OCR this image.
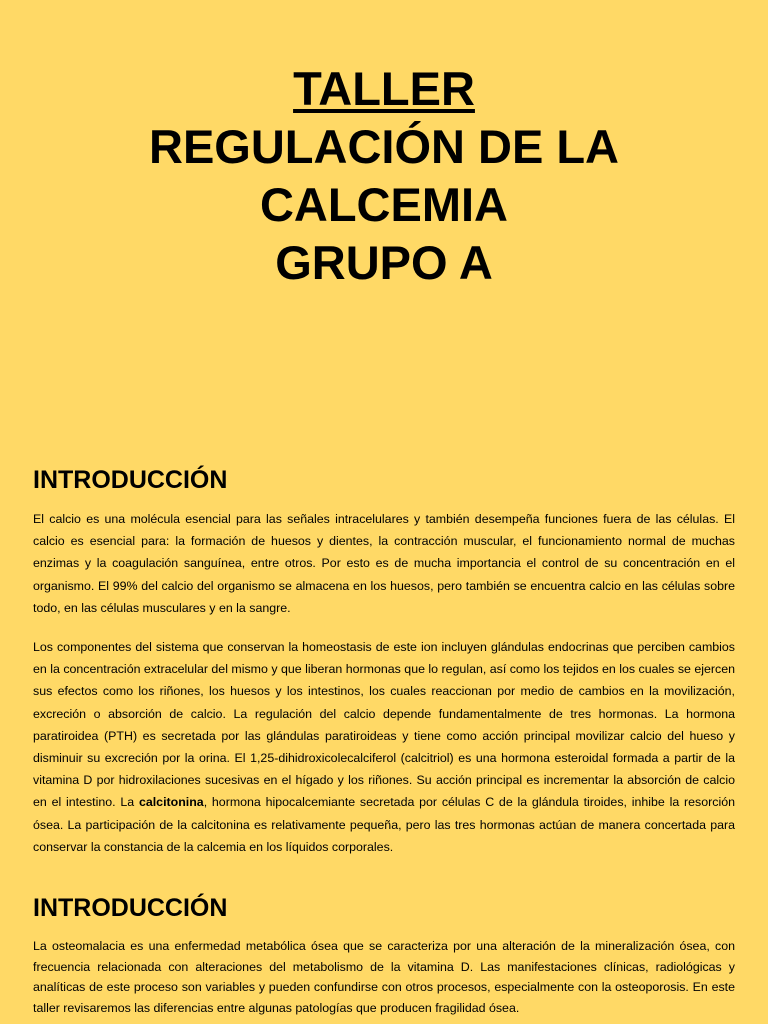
TALLER
REGULACIÓN DE LA
CALCEMIA
GRUPO A
INTRODUCCIÓN

El calcio es una molécula esencial para las señales intracelulares y también desempeña funciones fuera de las células. El calcio es esencial para: la formación de huesos y dientes, la contracción muscular, el funcionamiento normal de muchas enzimas y la coagulación sanguínea, entre otros. Por esto es de mucha importancia el control de su concentración en el organismo. El 99% del calcio del organismo se almacena en los huesos, pero también se encuentra calcio en las células sobre todo, en las células musculares y en la sangre.

Los componentes del sistema que conservan la homeostasis de este ion incluyen glándulas endocrinas que perciben cambios en la concentración extracelular del mismo y que liberan hormonas que lo regulan, así como los tejidos en los cuales se ejercen sus efectos como los riñones, los huesos y los intestinos, los cuales reaccionan por medio de cambios en la movilización, excreción o absorción de calcio. La regulación del calcio depende fundamentalmente de tres hormonas. La hormona paratiroidea (PTH) es secretada por las glándulas paratiroideas y tiene como acción principal movilizar calcio del hueso y disminuir su excreción por la orina. El 1,25-dihidroxicolecalciferol (calcitriol) es una hormona esteroidal formada a partir de la vitamina D por hidroxilaciones sucesivas en el hígado y los riñones. Su acción principal es incrementar la absorción de calcio en el intestino. La calcitonina, hormona hipocalcemiante secretada por células C de la glándula tiroides, inhibe la resorción ósea. La participación de la calcitonina es relativamente pequeña, pero las tres hormonas actúan de manera concertada para conservar la constancia de la calcemia en los líquidos corporales.

INTRODUCCIÓN

La osteomalacia es una enfermedad metabólica ósea que se caracteriza por una alteración de la mineralización ósea, con frecuencia relacionada con alteraciones del metabolismo de la vitamina D. Las manifestaciones clínicas, radiológicas y analíticas de este proceso son variables y pueden confundirse con otros procesos, especialmente con la osteoporosis. En este taller revisaremos las diferencias entre algunas patologías que producen fragilidad ósea.
